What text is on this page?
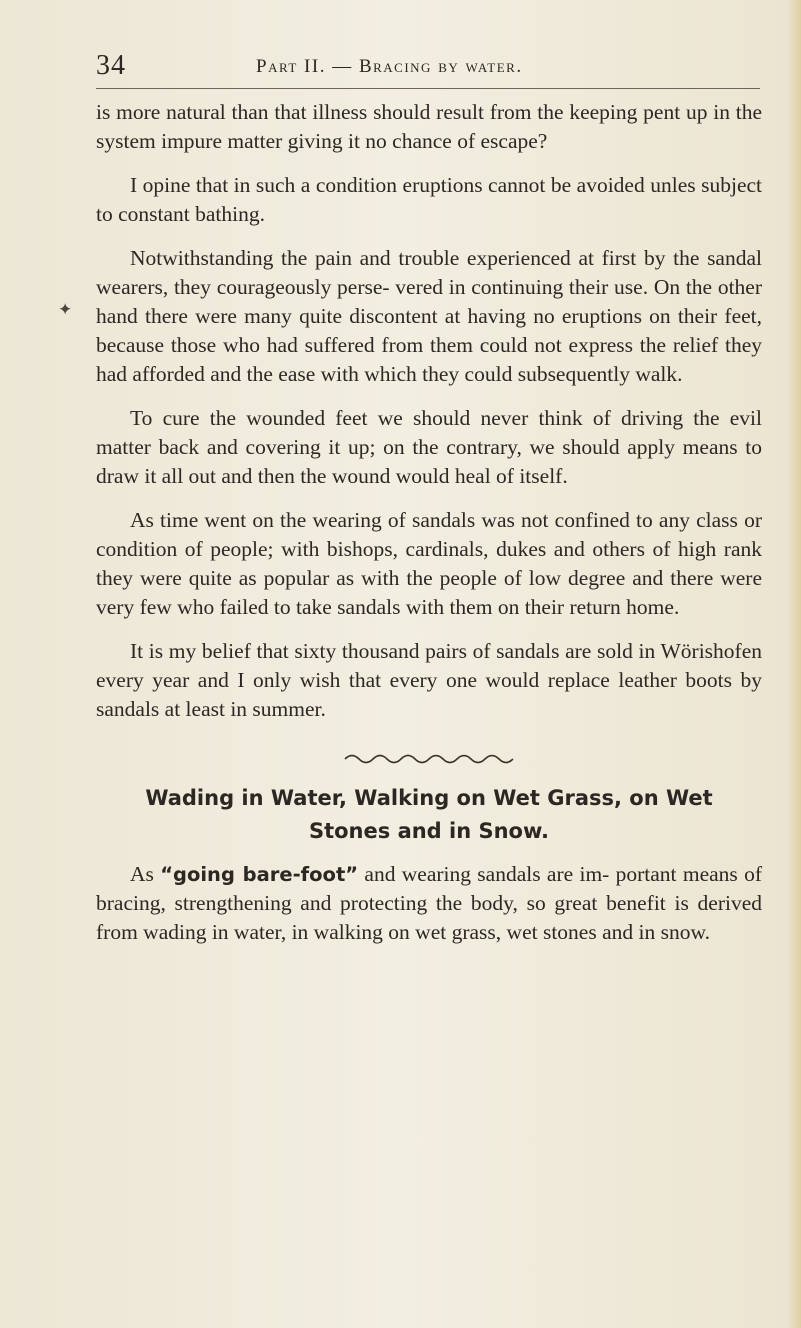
34	Part II. — Bracing by water.

is more natural than that illness should result from the keeping pent up in the system impure matter giving it no chance of escape?

I opine that in such a condition eruptions cannot be avoided unles subject to constant bathing.

Notwithstanding the pain and trouble experienced at first by the sandal wearers, they courageously perse- vered in continuing their use. On the other hand there were many quite discontent at having no eruptions on their feet, because those who had suffered from them could not express the relief they had afforded and the ease with which they could subsequently walk.

To cure the wounded feet we should never think of driving the evil matter back and covering it up; on the contrary, we should apply means to draw it all out and then the wound would heal of itself.

As time went on the wearing of sandals was not confined to any class or condition of people; with bishops, cardinals, dukes and others of high rank they were quite as popular as with the people of low degree and there were very few who failed to take sandals with them on their return home.

It is my belief that sixty thousand pairs of sandals are sold in Wörishofen every year and I only wish that every one would replace leather boots by sandals at least in summer.

Wading in Water, Walking on Wet Grass, on Wet
Stones and in Snow.

As “going bare-foot” and wearing sandals are im- portant means of bracing, strengthening and protecting the body, so great benefit is derived from wading in water, in walking on wet grass, wet stones and in snow.

✦
